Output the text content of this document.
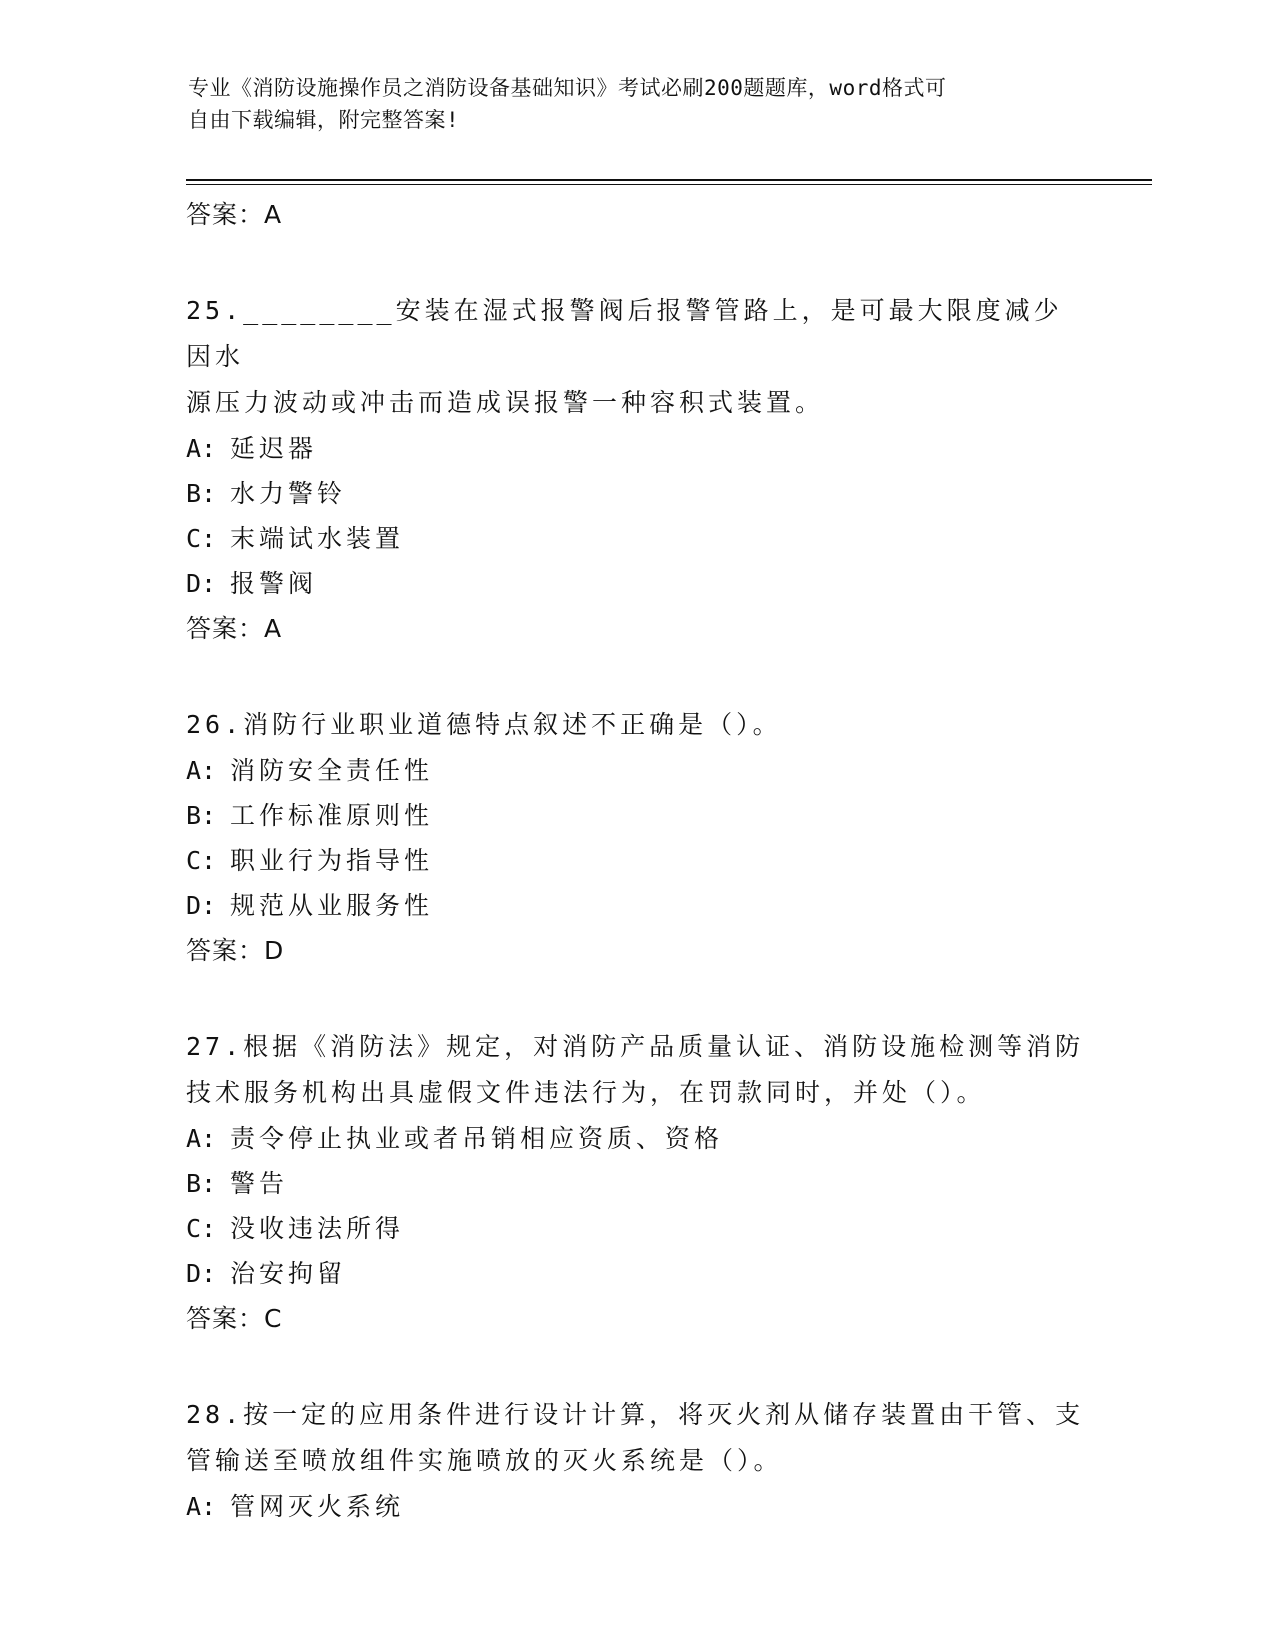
专业《消防设施操作员之消防设备基础知识》考试必刷200题题库，word格式可
自由下载编辑，附完整答案!
答案：A
25.________安装在湿式报警阀后报警管路上，是可最大限度减少因水
源压力波动或冲击而造成误报警一种容积式装置。
A: 延迟器
B: 水力警铃
C: 末端试水装置
D: 报警阀
答案：A
26.消防行业职业道德特点叙述不正确是（）。
A: 消防安全责任性
B: 工作标准原则性
C: 职业行为指导性
D: 规范从业服务性
答案：D
27.根据《消防法》规定，对消防产品质量认证、消防设施检测等消防
技术服务机构出具虚假文件违法行为，在罚款同时，并处（）。
A: 责令停止执业或者吊销相应资质、资格
B: 警告
C: 没收违法所得
D: 治安拘留
答案：C
28.按一定的应用条件进行设计计算，将灭火剂从储存装置由干管、支
管输送至喷放组件实施喷放的灭火系统是（）。
A: 管网灭火系统
